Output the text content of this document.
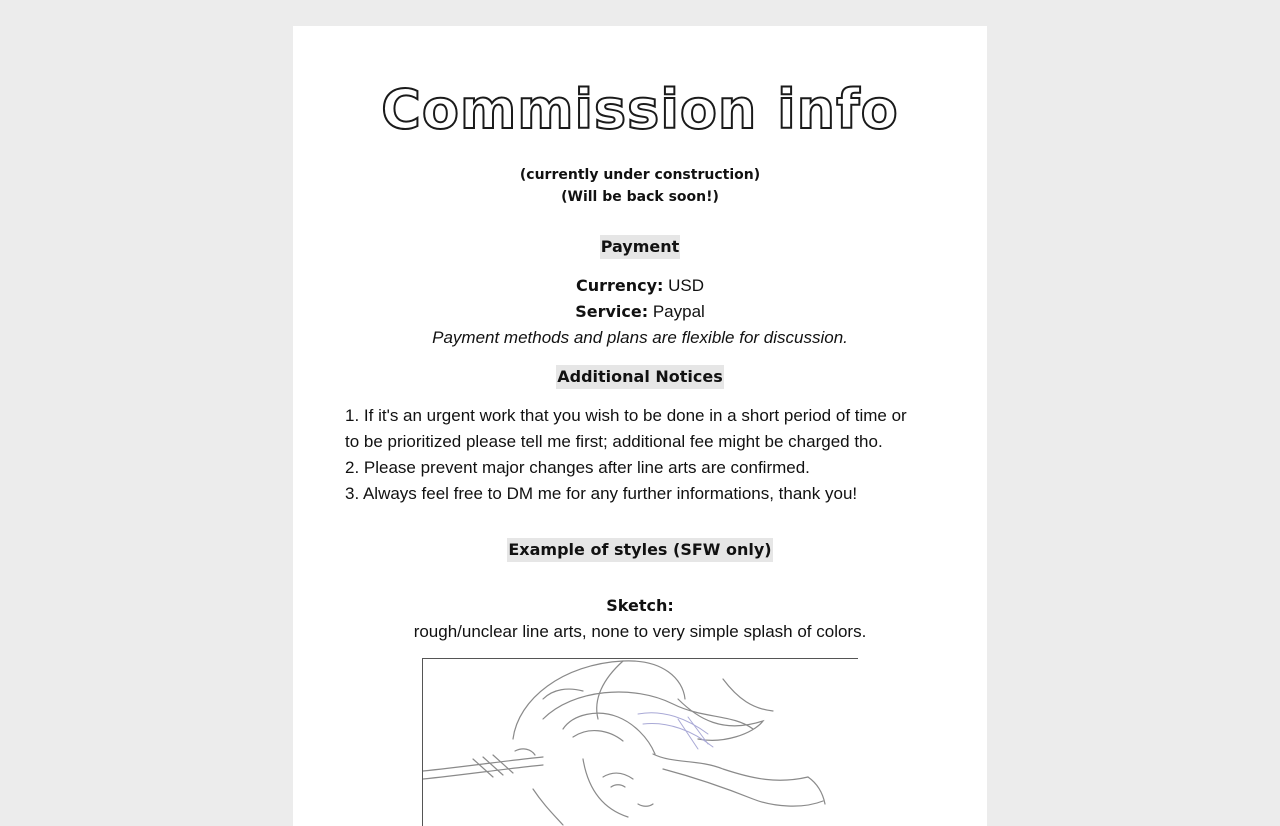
Commission info
(currently under construction)
(Will be back soon!)
Payment
Currency: USD
Service: Paypal
Payment methods and plans are flexible for discussion.
Additional Notices
1. If it's an urgent work that you wish to be done in a short period of time or
to be prioritized please tell me first; additional fee might be charged tho.
2. Please prevent major changes after line arts are confirmed.
3. Always feel free to DM me for any further informations, thank you!
Example of styles (SFW only)
Sketch:
rough/unclear line arts, none to very simple splash of colors.
